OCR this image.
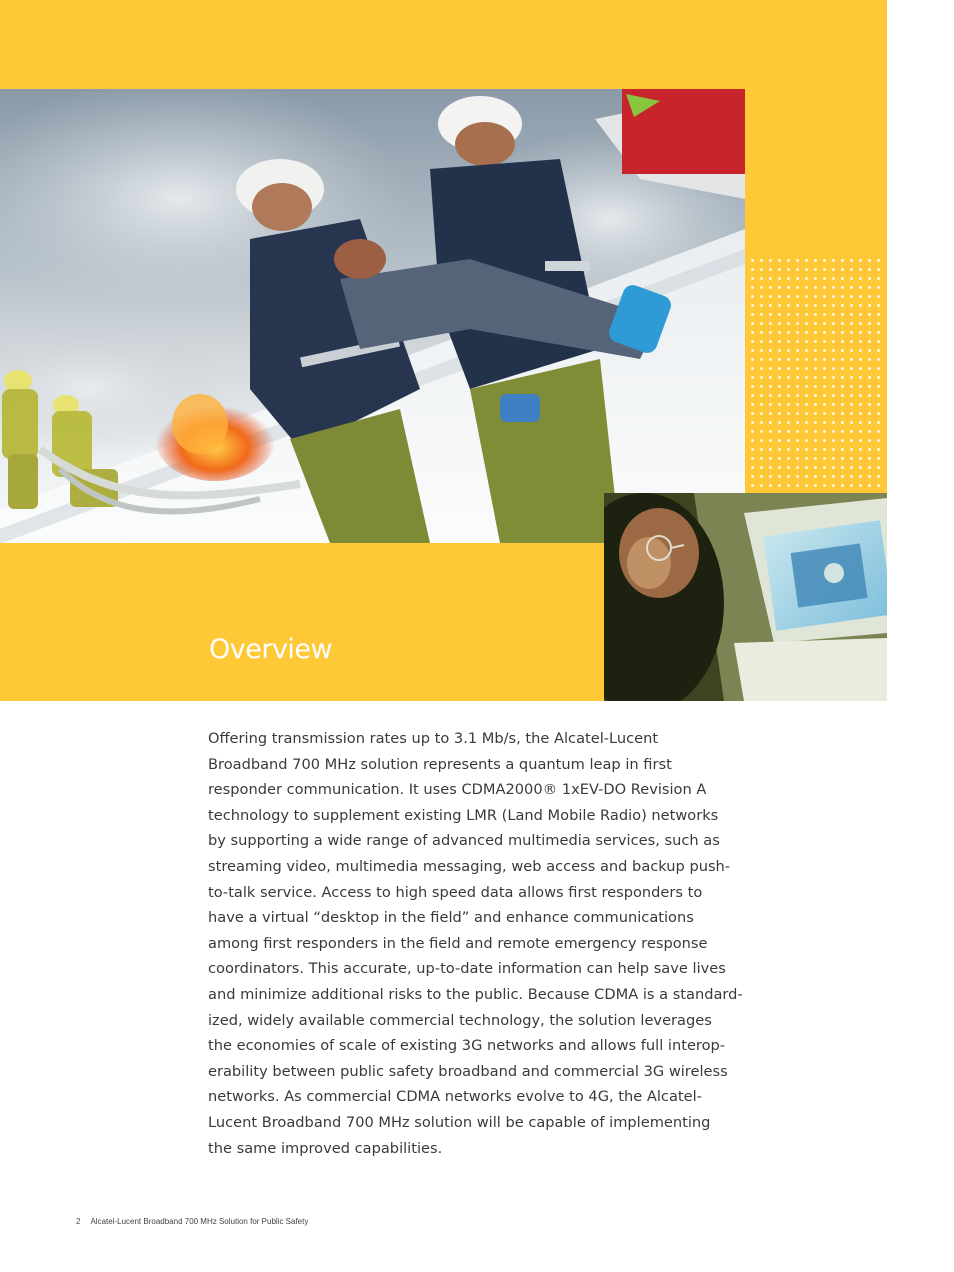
Overview
Offering transmission rates up to 3.1 Mb/s, the Alcatel-Lucent
Broadband 700 MHz solution represents a quantum leap in first
responder communication. It uses CDMA2000® 1xEV-DO Revision A
technology to supplement existing LMR (Land Mobile Radio) networks
by supporting a wide range of advanced multimedia services, such as
streaming video, multimedia messaging, web access and backup push-
to-talk service. Access to high speed data allows first responders to
have a virtual “desktop in the field” and enhance communications
among first responders in the field and remote emergency response
coordinators. This accurate, up-to-date information can help save lives
and minimize additional risks to the public. Because CDMA is a standard-
ized, widely available commercial technology, the solution leverages
the economies of scale of existing 3G networks and allows full interop-
erability between public safety broadband and commercial 3G wireless
networks. As commercial CDMA networks evolve to 4G, the Alcatel-
Lucent Broadband 700 MHz solution will be capable of implementing
the same improved capabilities.
2 Alcatel-Lucent Broadband 700 MHz Solution for Public Safety
